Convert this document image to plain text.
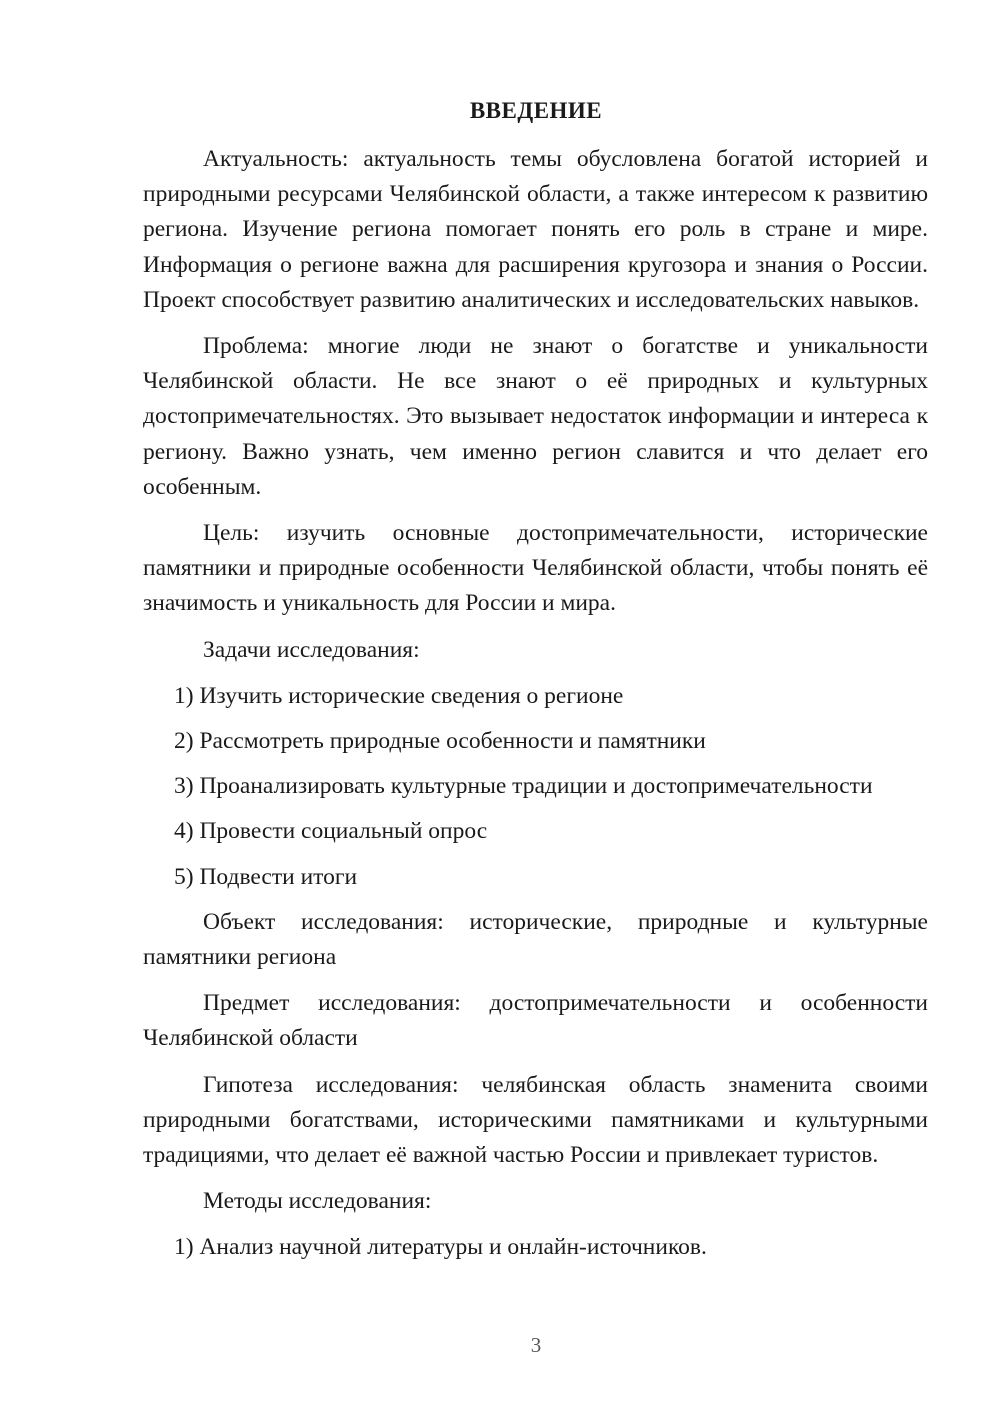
ВВЕДЕНИЕ

Актуальность: актуальность темы обусловлена богатой историей и природными ресурсами Челябинской области, а также интересом к развитию региона. Изучение региона помогает понять его роль в стране и мире. Информация о регионе важна для расширения кругозора и знания о России. Проект способствует развитию аналитических и исследовательских навыков.

Проблема: многие люди не знают о богатстве и уникальности Челябинской области. Не все знают о её природных и культурных достопримечательностях. Это вызывает недостаток информации и интереса к региону. Важно узнать, чем именно регион славится и что делает его особенным.

Цель: изучить основные достопримечательности, исторические памятники и природные особенности Челябинской области, чтобы понять её значимость и уникальность для России и мира.

Задачи исследования:

1) Изучить исторические сведения о регионе
2) Рассмотреть природные особенности и памятники
3) Проанализировать культурные традиции и достопримечательности
4) Провести социальный опрос
5) Подвести итоги

Объект исследования: исторические, природные и культурные памятники региона

Предмет исследования: достопримечательности и особенности Челябинской области

Гипотеза исследования: челябинская область знаменита своими природными богатствами, историческими памятниками и культурными традициями, что делает её важной частью России и привлекает туристов.

Методы исследования:

1) Анализ научной литературы и онлайн-источников.
3
